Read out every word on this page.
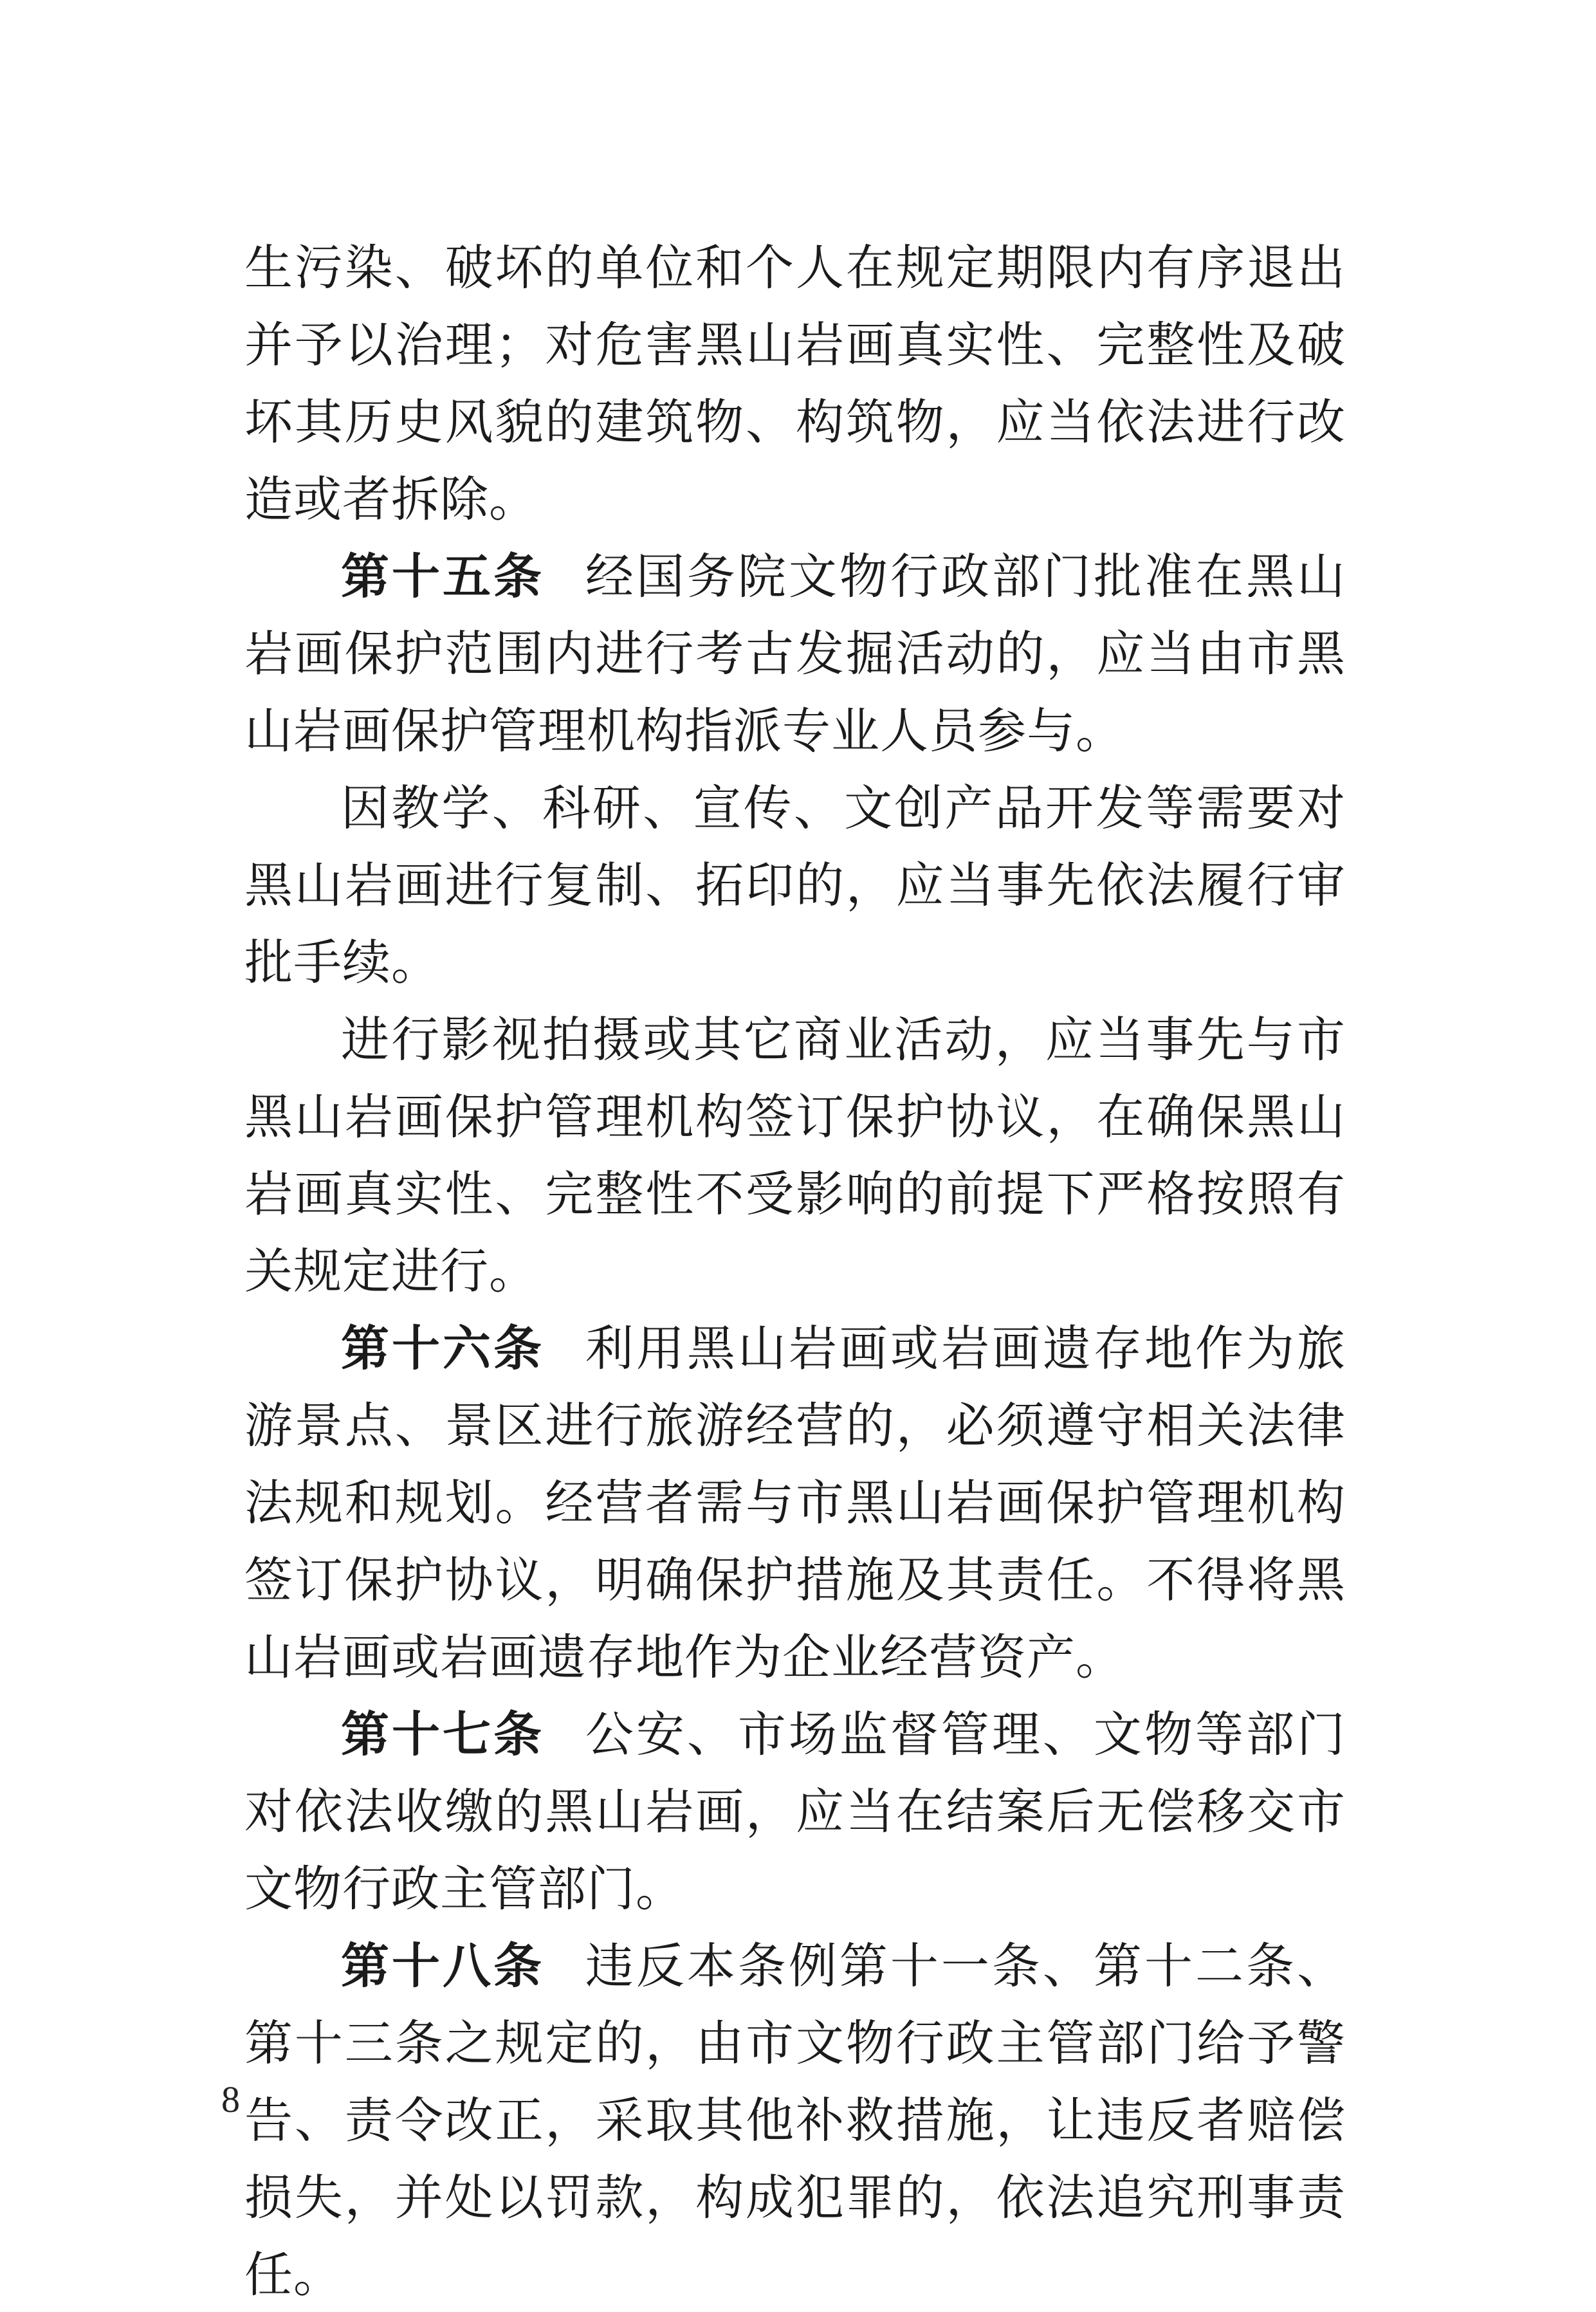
生污染、破坏的单位和个人在规定期限内有序退出并予以治理；对危害黑山岩画真实性、完整性及破坏其历史风貌的建筑物、构筑物，应当依法进行改造或者拆除。

第十五条 经国务院文物行政部门批准在黑山岩画保护范围内进行考古发掘活动的，应当由市黑山岩画保护管理机构指派专业人员参与。

因教学、科研、宣传、文创产品开发等需要对黑山岩画进行复制、拓印的，应当事先依法履行审批手续。

进行影视拍摄或其它商业活动，应当事先与市黑山岩画保护管理机构签订保护协议，在确保黑山岩画真实性、完整性不受影响的前提下严格按照有关规定进行。

第十六条 利用黑山岩画或岩画遗存地作为旅游景点、景区进行旅游经营的，必须遵守相关法律法规和规划。经营者需与市黑山岩画保护管理机构签订保护协议，明确保护措施及其责任。不得将黑山岩画或岩画遗存地作为企业经营资产。

第十七条 公安、市场监督管理、文物等部门对依法收缴的黑山岩画，应当在结案后无偿移交市文物行政主管部门。

第十八条 违反本条例第十一条、第十二条、第十三条之规定的，由市文物行政主管部门给予警告、责令改正，采取其他补救措施，让违反者赔偿损失，并处以罚款，构成犯罪的，依法追究刑事责任。

8
